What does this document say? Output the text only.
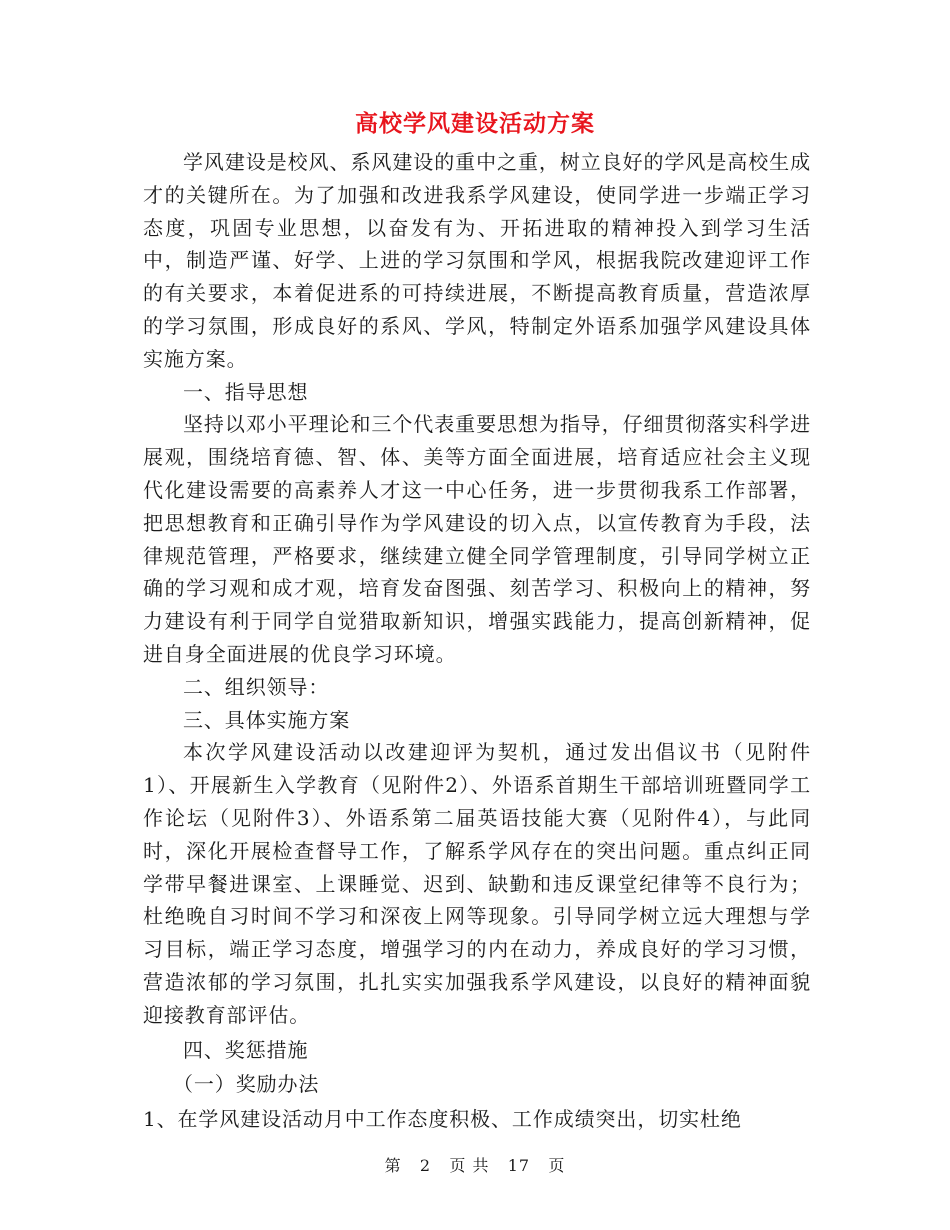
高校学风建设活动方案

学风建设是校风、系风建设的重中之重，树立良好的学风是高校生成才的关键所在。为了加强和改进我系学风建设，使同学进一步端正学习态度，巩固专业思想，以奋发有为、开拓进取的精神投入到学习生活中，制造严谨、好学、上进的学习氛围和学风，根据我院改建迎评工作的有关要求，本着促进系的可持续进展，不断提高教育质量，营造浓厚的学习氛围，形成良好的系风、学风，特制定外语系加强学风建设具体实施方案。

一、指导思想

坚持以邓小平理论和三个代表重要思想为指导，仔细贯彻落实科学进展观，围绕培育德、智、体、美等方面全面进展，培育适应社会主义现代化建设需要的高素养人才这一中心任务，进一步贯彻我系工作部署，把思想教育和正确引导作为学风建设的切入点，以宣传教育为手段，法律规范管理，严格要求，继续建立健全同学管理制度，引导同学树立正确的学习观和成才观，培育发奋图强、刻苦学习、积极向上的精神，努力建设有利于同学自觉猎取新知识，增强实践能力，提高创新精神，促进自身全面进展的优良学习环境。

二、组织领导：

三、具体实施方案

本次学风建设活动以改建迎评为契机，通过发出倡议书（见附件1）、开展新生入学教育（见附件2）、外语系首期生干部培训班暨同学工作论坛（见附件3）、外语系第二届英语技能大赛（见附件4），与此同时，深化开展检查督导工作，了解系学风存在的突出问题。重点纠正同学带早餐进课室、上课睡觉、迟到、缺勤和违反课堂纪律等不良行为；杜绝晚自习时间不学习和深夜上网等现象。引导同学树立远大理想与学习目标，端正学习态度，增强学习的内在动力，养成良好的学习习惯，营造浓郁的学习氛围，扎扎实实加强我系学风建设，以良好的精神面貌迎接教育部评估。

四、奖惩措施

（一）奖励办法

1、在学风建设活动月中工作态度积极、工作成绩突出，切实杜绝

第 2 页 共 17 页
